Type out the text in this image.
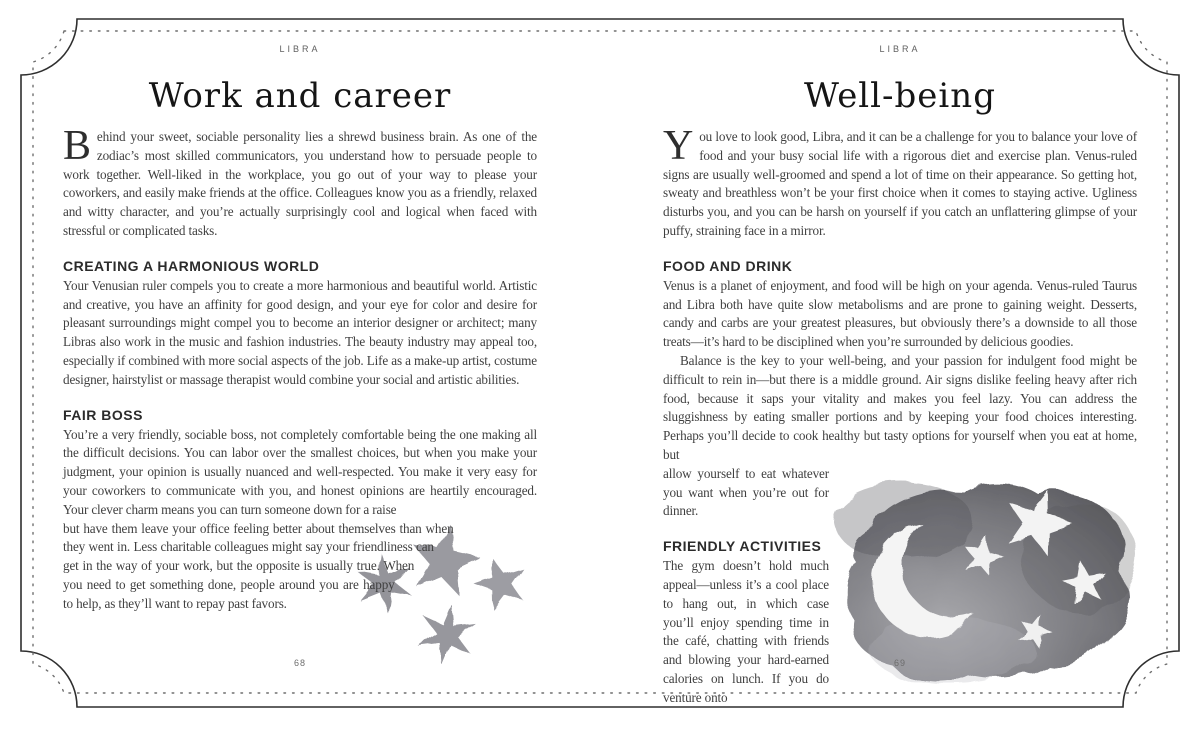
LIBRA
Work and career

Behind your sweet, sociable personality lies a shrewd business brain. As one of the zodiac’s most skilled communicators, you understand how to persuade people to work together. Well-liked in the workplace, you go out of your way to please your coworkers, and easily make friends at the office. Colleagues know you as a friendly, relaxed and witty character, and you’re actually surprisingly cool and logical when faced with stressful or complicated tasks.

CREATING A HARMONIOUS WORLD

Your Venusian ruler compels you to create a more harmonious and beautiful world. Artistic and creative, you have an affinity for good design, and your eye for color and desire for pleasant surroundings might compel you to become an interior designer or architect; many Libras also work in the music and fashion industries. The beauty industry may appeal too, especially if combined with more social aspects of the job. Life as a make-up artist, costume designer, hairstylist or massage therapist would combine your social and artistic abilities.

FAIR BOSS

You’re a very friendly, sociable boss, not completely comfortable being the one making all the difficult decisions. You can labor over the smallest choices, but when you make your judgment, your opinion is usually nuanced and well-respected. You make it very easy for your coworkers to communicate with you, and honest opinions are heartily encouraged. Your clever charm means you can turn someone down for a raise

but have them leave your office feeling better about themselves than when they went in. Less charitable colleagues might say your friendliness can get in the way of your work, but the opposite is usually true. When you need to get something done, people around you are happy to help, as they’ll want to repay past favors.

68
LIBRA
Well-being

You love to look good, Libra, and it can be a challenge for you to balance your love of food and your busy social life with a rigorous diet and exercise plan. Venus-ruled signs are usually well-groomed and spend a lot of time on their appearance. So getting hot, sweaty and breathless won’t be your first choice when it comes to staying active. Ugliness disturbs you, and you can be harsh on yourself if you catch an unflattering glimpse of your puffy, straining face in a mirror.

FOOD AND DRINK

Venus is a planet of enjoyment, and food will be high on your agenda. Venus-ruled Taurus and Libra both have quite slow metabolisms and are prone to gaining weight. Desserts, candy and carbs are your greatest pleasures, but obviously there’s a downside to all those treats—it’s hard to be disciplined when you’re surrounded by delicious goodies.

Balance is the key to your well-being, and your passion for indulgent food might be difficult to rein in—but there is a middle ground. Air signs dislike feeling heavy after rich food, because it saps your vitality and makes you feel lazy. You can address the sluggishness by eating smaller portions and by keeping your food choices interesting. Perhaps you’ll decide to cook healthy but tasty options for yourself when you eat at home, but

allow yourself to eat whatever you want when you’re out for dinner.

FRIENDLY ACTIVITIES

The gym doesn’t hold much appeal—unless it’s a cool place to hang out, in which case you’ll enjoy spending time in the café, chatting with friends and blowing your hard-earned calories on lunch. If you do venture onto

69
